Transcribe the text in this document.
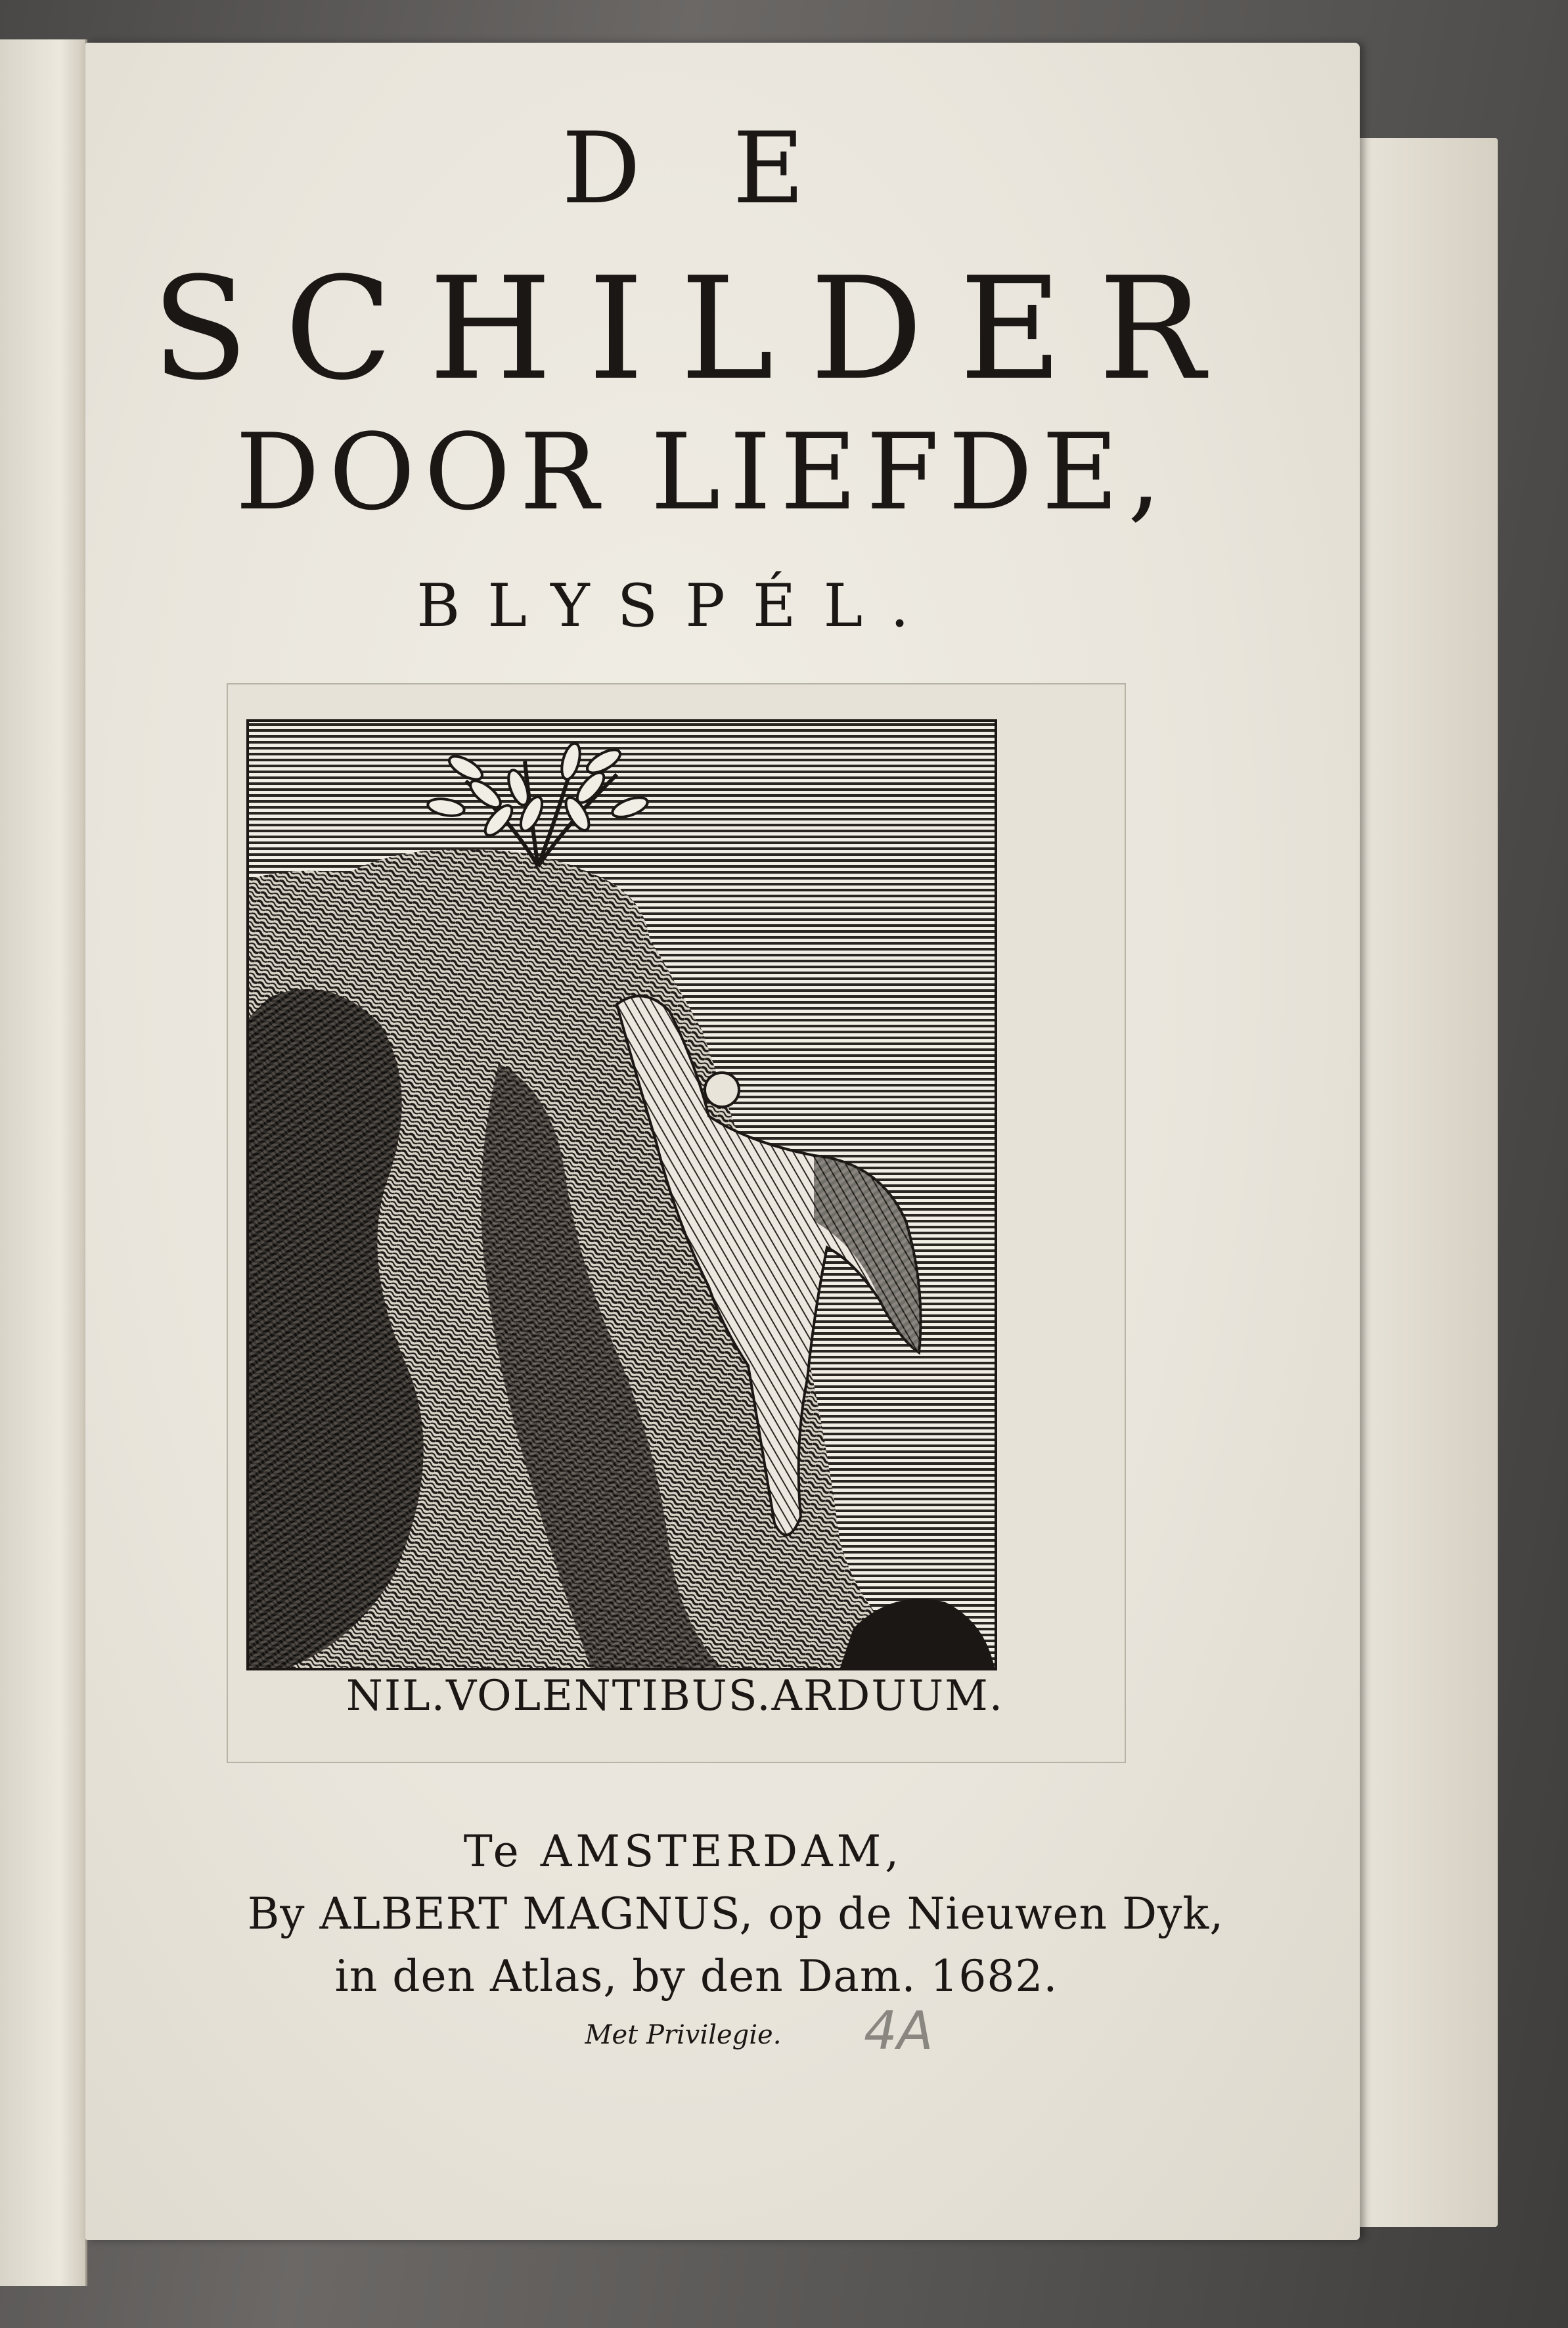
DE
SCHILDER
DOOR LIEFDE,
BLYSPÉL.
NIL.VOLENTIBUS.ARDUUM.
Te AMSTERDAM,
By ALBERT MAGNUS, op de Nieuwen Dyk,
in den Atlas, by den Dam. 1682.
Met Privilegie.	4A
